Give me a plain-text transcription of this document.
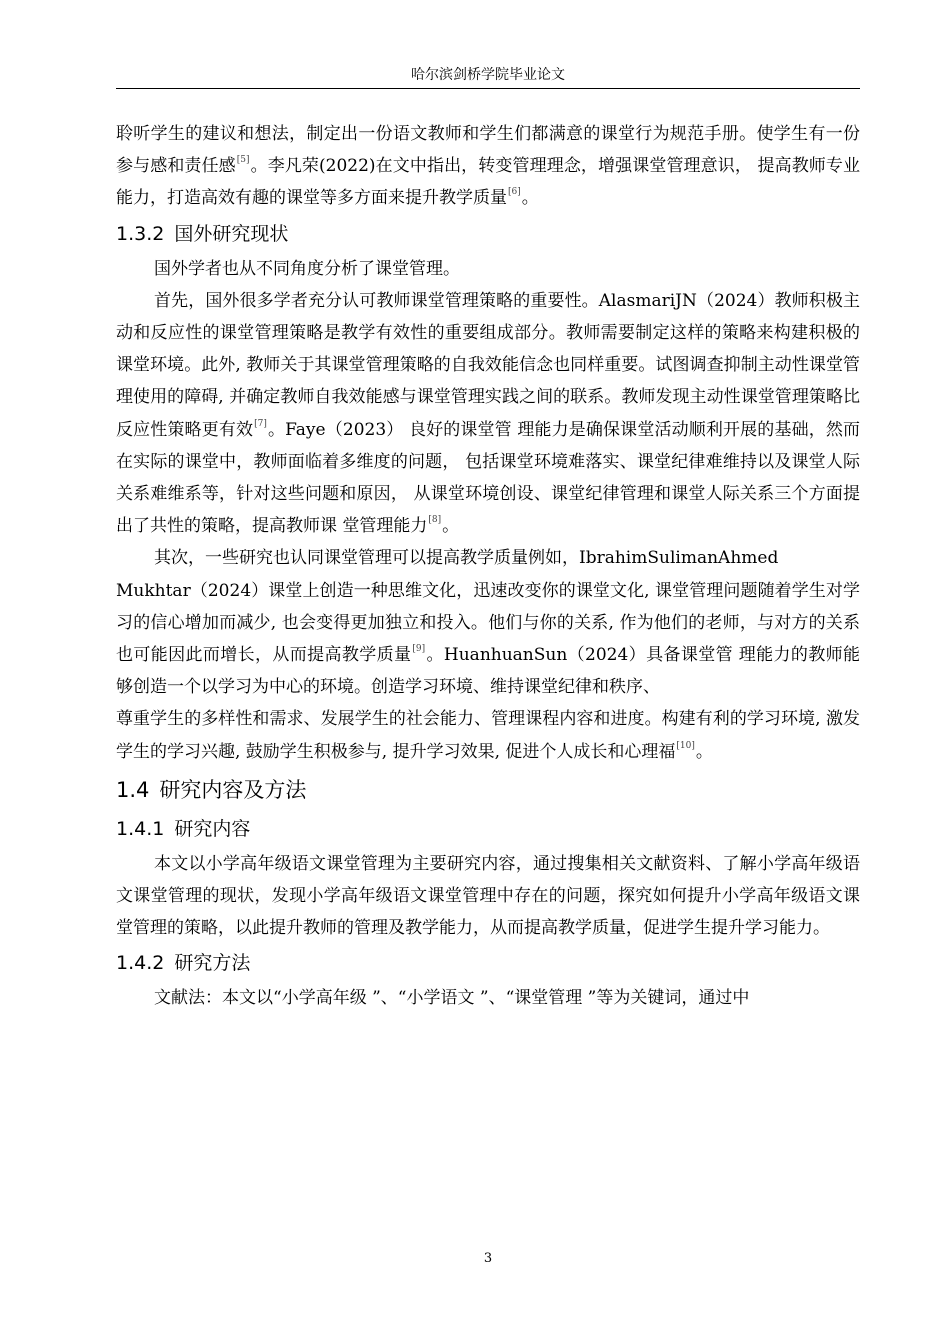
哈尔滨剑桥学院毕业论文

聆听学生的建议和想法，制定出一份语文教师和学生们都满意的课堂行为规范手册。使学生有一份参与感和责任感[5]。李凡荣(2022)在文中指出，转变管理理念，增强课堂管理意识， 提高教师专业能力，打造高效有趣的课堂等多方面来提升教学质量[6]。

1.3.2 国外研究现状

国外学者也从不同角度分析了课堂管理。

首先，国外很多学者充分认可教师课堂管理策略的重要性。AlasmariJN（2024）教师积极主动和反应性的课堂管理策略是教学有效性的重要组成部分。教师需要制定这样的策略来构建积极的课堂环境。此外, 教师关于其课堂管理策略的自我效能信念也同样重要。试图调查抑制主动性课堂管理使用的障碍, 并确定教师自我效能感与课堂管理实践之间的联系。教师发现主动性课堂管理策略比反应性策略更有效[7]。Faye（2023） 良好的课堂管 理能力是确保课堂活动顺利开展的基础，然而在实际的课堂中，教师面临着多维度的问题， 包括课堂环境难落实、课堂纪律难维持以及课堂人际关系难维系等，针对这些问题和原因， 从课堂环境创设、课堂纪律管理和课堂人际关系三个方面提出了共性的策略，提高教师课 堂管理能力[8]。

其次，一些研究也认同课堂管理可以提高教学质量例如，IbrahimSulimanAhmed

Mukhtar（2024）课堂上创造一种思维文化，迅速改变你的课堂文化, 课堂管理问题随着学生对学习的信心增加而减少, 也会变得更加独立和投入。他们与你的关系, 作为他们的老师，与对方的关系也可能因此而增长，从而提高教学质量[9]。HuanhuanSun（2024）具备课堂管 理能力的教师能够创造一个以学习为中心的环境。创造学习环境、维持课堂纪律和秩序、

尊重学生的多样性和需求、发展学生的社会能力、管理课程内容和进度。构建有利的学习环境, 激发学生的学习兴趣, 鼓励学生积极参与, 提升学习效果, 促进个人成长和心理福[10]。

1.4 研究内容及方法
1.4.1 研究内容

本文以小学高年级语文课堂管理为主要研究内容，通过搜集相关文献资料、了解小学高年级语文课堂管理的现状，发现小学高年级语文课堂管理中存在的问题，探究如何提升小学高年级语文课堂管理的策略，以此提升教师的管理及教学能力，从而提高教学质量，促进学生提升学习能力。

1.4.2 研究方法

文献法：本文以“小学高年级 ”、“小学语文 ”、“课堂管理 ”等为关键词，通过中

3
